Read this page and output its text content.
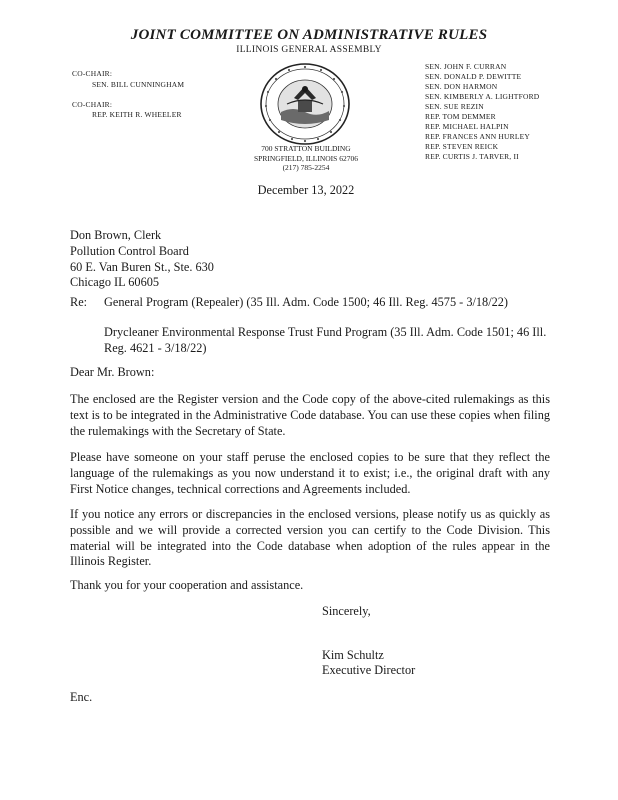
JOINT COMMITTEE ON ADMINISTRATIVE RULES
ILLINOIS GENERAL ASSEMBLY
CO-CHAIR:
SEN. BILL CUNNINGHAM
CO-CHAIR:
REP. KEITH R. WHEELER
SEN. JOHN F. CURRAN
SEN. DONALD P. DEWITTE
SEN. DON HARMON
SEN. KIMBERLY A. LIGHTFORD
SEN. SUE REZIN
REP. TOM DEMMER
REP. MICHAEL HALPIN
REP. FRANCES ANN HURLEY
REP. STEVEN REICK
REP. CURTIS J. TARVER, II
700 STRATTON BUILDING
SPRINGFIELD, ILLINOIS 62706
(217) 785-2254
December 13, 2022
Don Brown, Clerk
Pollution Control Board
60 E. Van Buren St., Ste. 630
Chicago IL 60605
Re: General Program (Repealer) (35 Ill. Adm. Code 1500; 46 Ill. Reg. 4575 - 3/18/22)
Drycleaner Environmental Response Trust Fund Program (35 Ill. Adm. Code 1501; 46 Ill. Reg. 4621 - 3/18/22)
Dear Mr. Brown:
The enclosed are the Register version and the Code copy of the above-cited rulemakings as this text is to be integrated in the Administrative Code database. You can use these copies when filing the rulemakings with the Secretary of State.
Please have someone on your staff peruse the enclosed copies to be sure that they reflect the language of the rulemakings as you now understand it to exist; i.e., the original draft with any First Notice changes, technical corrections and Agreements included.
If you notice any errors or discrepancies in the enclosed versions, please notify us as quickly as possible and we will provide a corrected version you can certify to the Code Division. This material will be integrated into the Code database when adoption of the rules appear in the Illinois Register.
Thank you for your cooperation and assistance.
Sincerely,
Kim Schultz
Executive Director
Enc.
